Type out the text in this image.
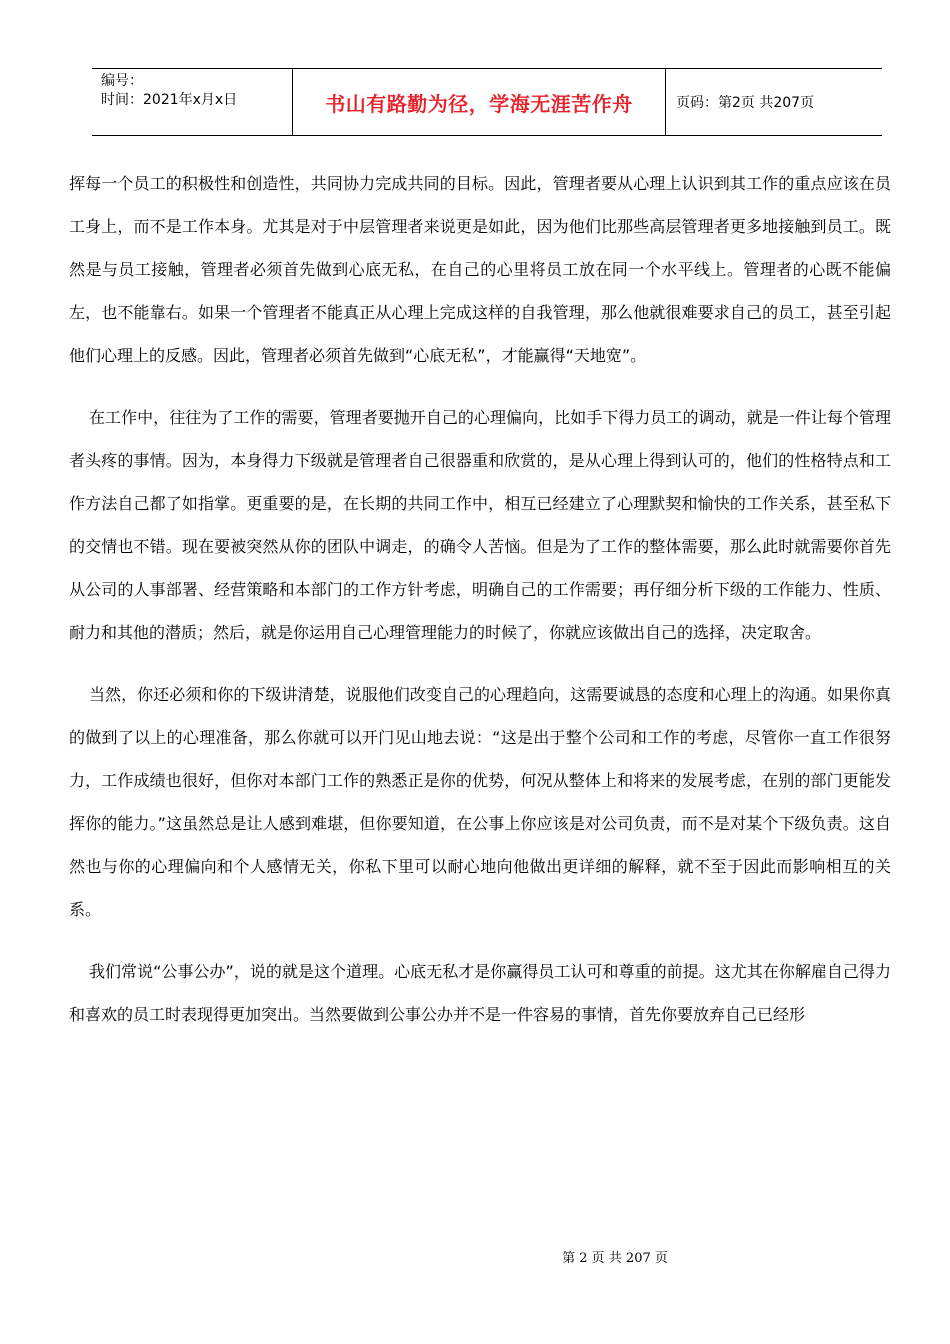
编号：
时间：2021年x月x日	书山有路勤为径，学海无涯苦作舟	页码：第2页 共207页

挥每一个员工的积极性和创造性，共同协力完成共同的目标。因此，管理者要从心理上认识到其工作的重点应该在员工身上，而不是工作本身。尤其是对于中层管理者来说更是如此，因为他们比那些高层管理者更多地接触到员工。既然是与员工接触，管理者必须首先做到心底无私，在自己的心里将员工放在同一个水平线上。管理者的心既不能偏左，也不能靠右。如果一个管理者不能真正从心理上完成这样的自我管理，那么他就很难要求自己的员工，甚至引起他们心理上的反感。因此，管理者必须首先做到“心底无私”，才能赢得“天地宽”。

在工作中，往往为了工作的需要，管理者要抛开自己的心理偏向，比如手下得力员工的调动，就是一件让每个管理者头疼的事情。因为，本身得力下级就是管理者自己很器重和欣赏的，是从心理上得到认可的，他们的性格特点和工作方法自己都了如指掌。更重要的是，在长期的共同工作中，相互已经建立了心理默契和愉快的工作关系，甚至私下的交情也不错。现在要被突然从你的团队中调走，的确令人苦恼。但是为了工作的整体需要，那么此时就需要你首先从公司的人事部署、经营策略和本部门的工作方针考虑，明确自己的工作需要；再仔细分析下级的工作能力、性质、耐力和其他的潜质；然后，就是你运用自己心理管理能力的时候了，你就应该做出自己的选择，决定取舍。

当然，你还必须和你的下级讲清楚，说服他们改变自己的心理趋向，这需要诚恳的态度和心理上的沟通。如果你真的做到了以上的心理准备，那么你就可以开门见山地去说：“这是出于整个公司和工作的考虑，尽管你一直工作很努力，工作成绩也很好，但你对本部门工作的熟悉正是你的优势，何况从整体上和将来的发展考虑，在别的部门更能发挥你的能力。”这虽然总是让人感到难堪，但你要知道，在公事上你应该是对公司负责，而不是对某个下级负责。这自然也与你的心理偏向和个人感情无关，你私下里可以耐心地向他做出更详细的解释，就不至于因此而影响相互的关系。

我们常说“公事公办”，说的就是这个道理。心底无私才是你赢得员工认可和尊重的前提。这尤其在你解雇自己得力和喜欢的员工时表现得更加突出。当然要做到公事公办并不是一件容易的事情，首先你要放弃自己已经形

第 2 页 共 207 页
